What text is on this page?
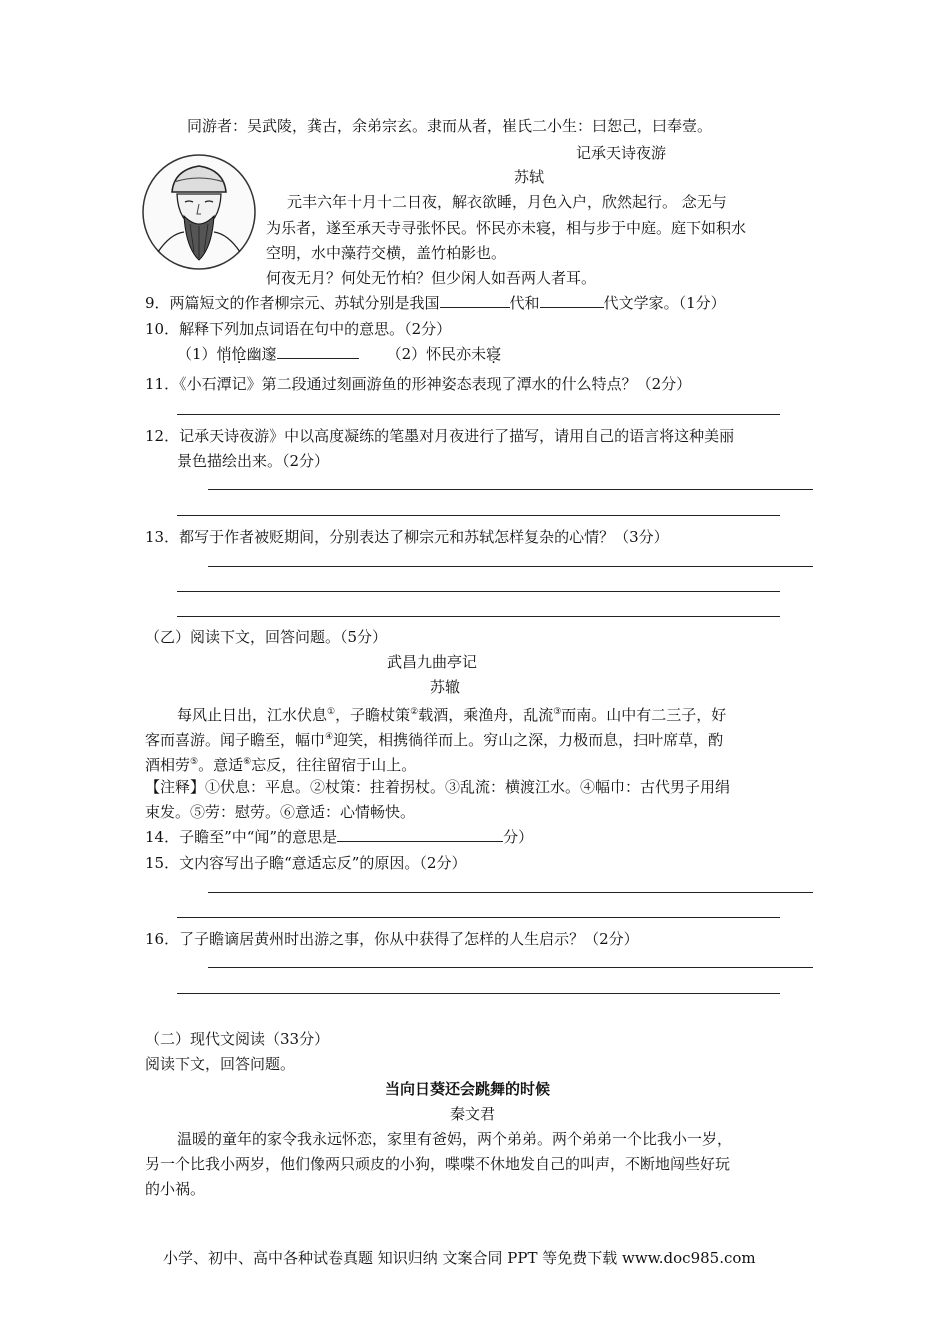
同游者：吴武陵，龚古，余弟宗玄。隶而从者，崔氏二小生：曰恕己，曰奉壹。
记承天诗夜游
苏轼
元丰六年十月十二日夜，解衣欲睡，月色入户，欣然起行。 念无与
为乐者，遂至承天寺寻张怀民。怀民亦未寝，相与步于中庭。庭下如积水
空明，水中藻荇交横，盖竹柏影也。
何夜无月？何处无竹柏？但少闲人如吾两人者耳。
9．两篇短文的作者柳宗元、苏轼分别是我国	代和	代文学家。（1分）
10．解释下列加点词语在句中的意思。（2分）
（1）悄怆幽邃	（2）怀民亦未寝
11．《小石潭记》第二段通过刻画游鱼的形神姿态表现了潭水的什么特点？（2分）
12．记承天诗夜游》中以高度凝练的笔墨对月夜进行了描写，请用自己的语言将这种美丽
景色描绘出来。（2分）
13．都写于作者被贬期间，分别表达了柳宗元和苏轼怎样复杂的心情？（3分）
（乙）阅读下文，回答问题。（5分）
武昌九曲亭记
苏辙
每风止日出，江水伏息①，子瞻杖策②载酒，乘渔舟，乱流③而南。山中有二三子，好
客而喜游。闻子瞻至，幅巾④迎笑，相携徜徉而上。穷山之深，力极而息，扫叶席草，酌
酒相劳⑤。意适⑥忘反，往往留宿于山上。
【注释】①伏息：平息。②杖策：拄着拐杖。③乱流：横渡江水。④幅巾：古代男子用绢
束发。⑤劳：慰劳。⑥意适：心情畅快。
14．子瞻至”中“闻”的意思是	分）
15．文内容写出子瞻“意适忘反”的原因。（2分）
16．了子瞻谪居黄州时出游之事，你从中获得了怎样的人生启示？（2分）
（二）现代文阅读（33分）
阅读下文，回答问题。
当向日葵还会跳舞的时候
秦文君
温暖的童年的家令我永远怀恋，家里有爸妈，两个弟弟。两个弟弟一个比我小一岁，
另一个比我小两岁，他们像两只顽皮的小狗，喋喋不休地发自己的叫声，不断地闯些好玩
的小祸。
小学、初中、高中各种试卷真题 知识归纳 文案合同 PPT 等免费下载 www.doc985.com
